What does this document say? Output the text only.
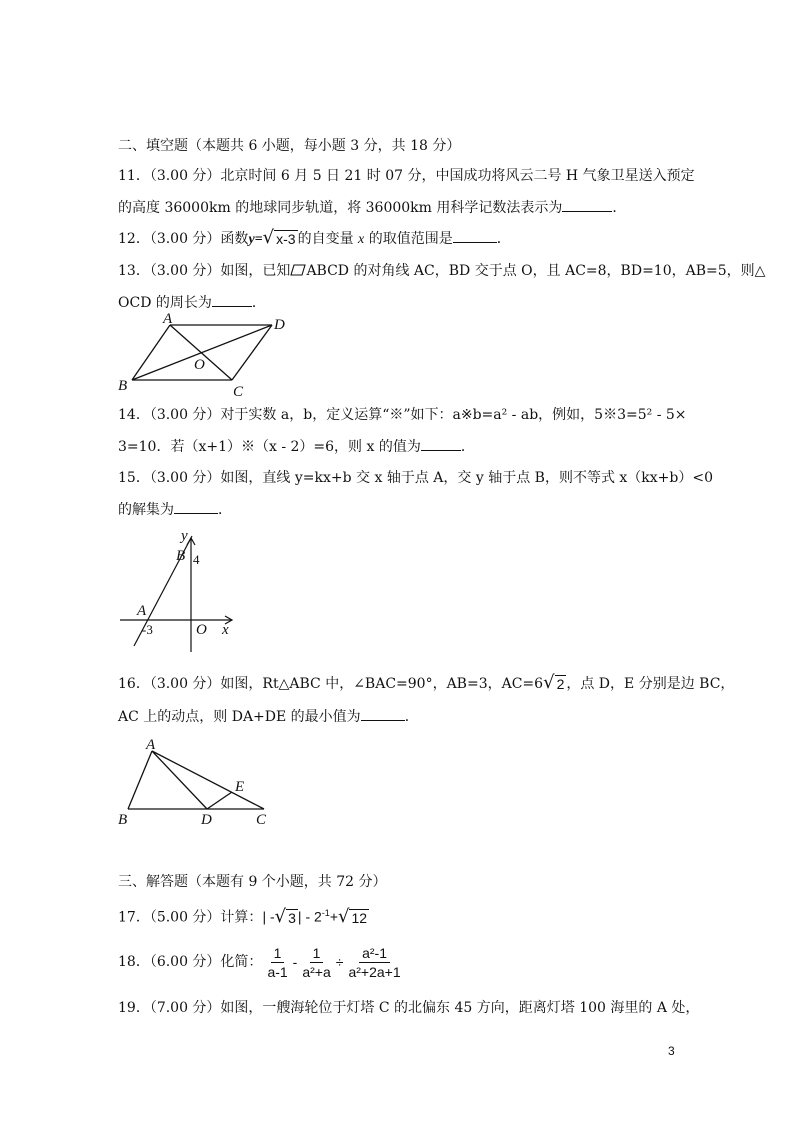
二、填空题（本题共 6 小题，每小题 3 分，共 18 分）
11．（3.00 分）北京时间 6 月 5 日 21 时 07 分，中国成功将风云二号 H 气象卫星送入预定
的高度 36000km 的地球同步轨道，将 36000km 用科学记数法表示为	．
12．（3.00 分）函数y= √ x-3 的自变量 x 的取值范围是	．
13．（3.00 分）如图，已知 ABCD 的对角线 AC，BD 交于点 O，且 AC=8，BD=10，AB=5，则△
OCD 的周长为	．
A	D
O
B	C
14．（3.00 分）对于实数 a，b，定义运算“※”如下：a※b=a² - ab，例如，5※3=5² - 5×
3=10．若（x+1）※（x - 2）=6，则 x 的值为	．
15．（3.00 分）如图，直线 y=kx+b 交 x 轴于点 A，交 y 轴于点 B，则不等式 x（kx+b）<0
的解集为	．
y
B 4
A
-3	O x
16．（3.00 分）如图，Rt△ABC 中，∠BAC=90°，AB=3，AC=6 √ 2 ，点 D，E 分别是边 BC，
AC 上的动点，则 DA+DE 的最小值为	．
A
E
B	D	C
三、解答题（本题有 9 个小题，共 72 分）
17．（5.00 分）计算：| - √ 3 | - $2^{-1}+$ √ 12
18．（6.00 分）化简： $\frac{1}{a-1} - \frac{1}{\text{a²+a}} \div \frac{\text{a²-1}}{\text{a²+2a+1}}$
19．（7.00 分）如图，一艘海轮位于灯塔 C 的北偏东 45 方向，距离灯塔 100 海里的 A 处，
3
